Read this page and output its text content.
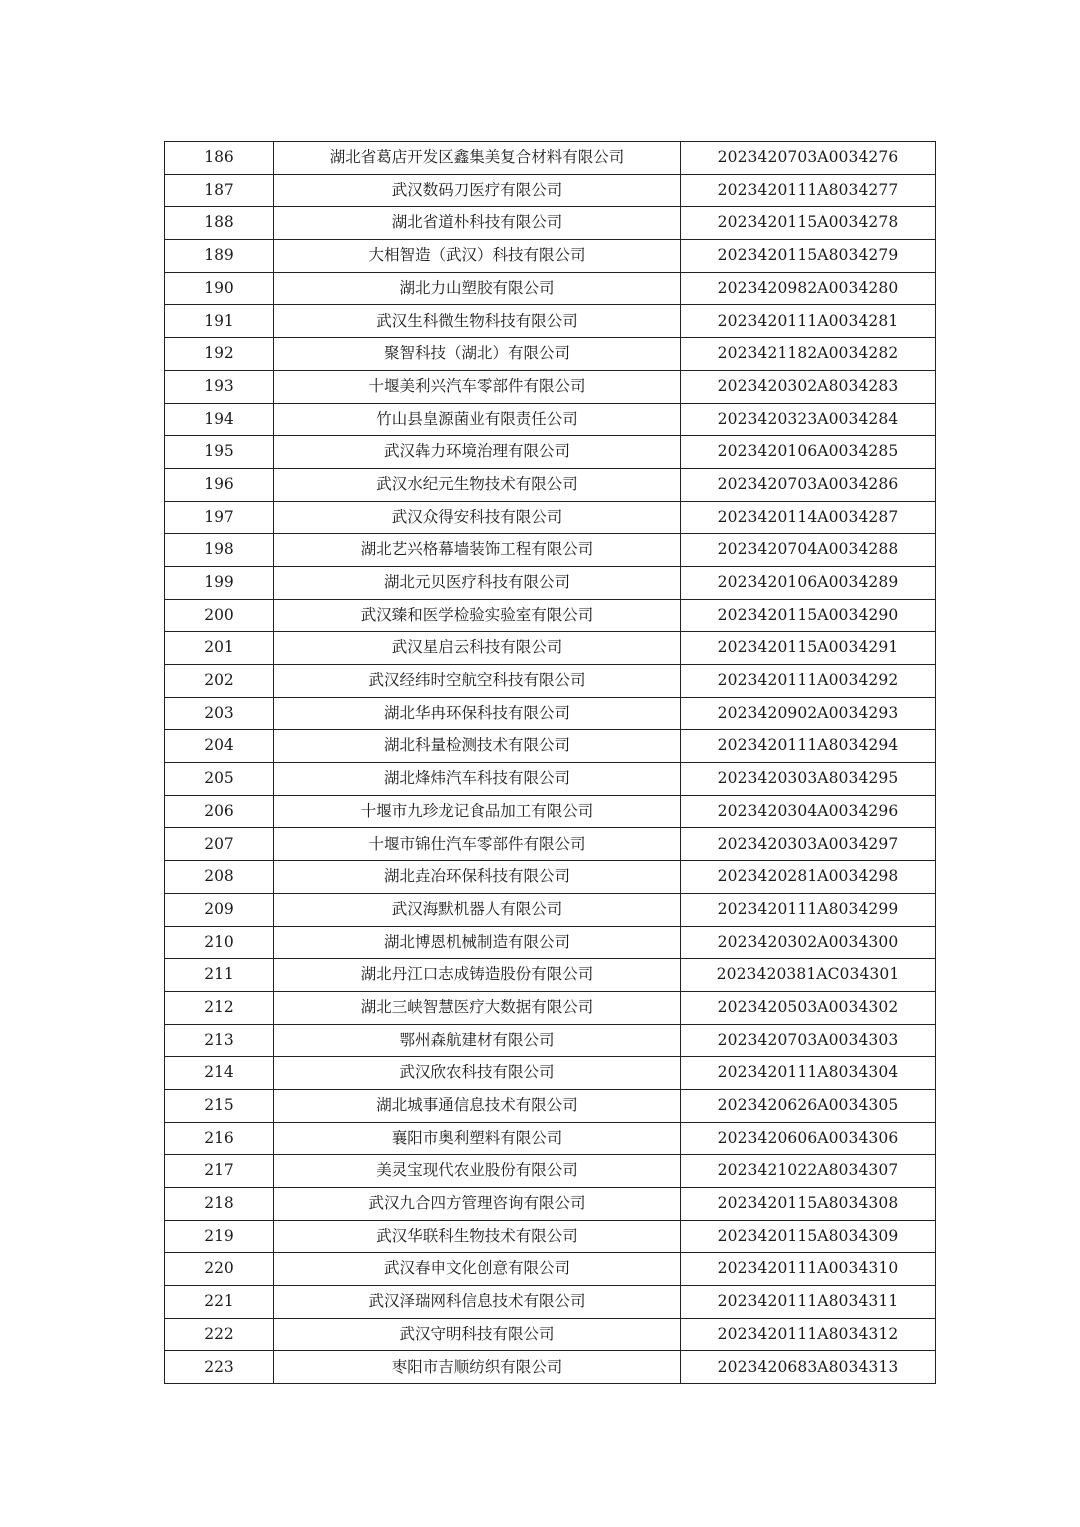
186	湖北省葛店开发区鑫集美复合材料有限公司	2023420703A0034276
187	武汉数码刀医疗有限公司	2023420111A8034277
188	湖北省道朴科技有限公司	2023420115A0034278
189	大相智造（武汉）科技有限公司	2023420115A8034279
190	湖北力山塑胶有限公司	2023420982A0034280
191	武汉生科微生物科技有限公司	2023420111A0034281
192	聚智科技（湖北）有限公司	2023421182A0034282
193	十堰美利兴汽车零部件有限公司	2023420302A8034283
194	竹山县皇源菌业有限责任公司	2023420323A0034284
195	武汉犇力环境治理有限公司	2023420106A0034285
196	武汉水纪元生物技术有限公司	2023420703A0034286
197	武汉众得安科技有限公司	2023420114A0034287
198	湖北艺兴格幕墙装饰工程有限公司	2023420704A0034288
199	湖北元贝医疗科技有限公司	2023420106A0034289
200	武汉臻和医学检验实验室有限公司	2023420115A0034290
201	武汉星启云科技有限公司	2023420115A0034291
202	武汉经纬时空航空科技有限公司	2023420111A0034292
203	湖北华冉环保科技有限公司	2023420902A0034293
204	湖北科量检测技术有限公司	2023420111A8034294
205	湖北烽炜汽车科技有限公司	2023420303A8034295
206	十堰市九珍龙记食品加工有限公司	2023420304A0034296
207	十堰市锦仕汽车零部件有限公司	2023420303A0034297
208	湖北垚冶环保科技有限公司	2023420281A0034298
209	武汉海默机器人有限公司	2023420111A8034299
210	湖北博恩机械制造有限公司	2023420302A0034300
211	湖北丹江口志成铸造股份有限公司	2023420381AC034301
212	湖北三峡智慧医疗大数据有限公司	2023420503A0034302
213	鄂州森航建材有限公司	2023420703A0034303
214	武汉欣农科技有限公司	2023420111A8034304
215	湖北城事通信息技术有限公司	2023420626A0034305
216	襄阳市奥利塑料有限公司	2023420606A0034306
217	美灵宝现代农业股份有限公司	2023421022A8034307
218	武汉九合四方管理咨询有限公司	2023420115A8034308
219	武汉华联科生物技术有限公司	2023420115A8034309
220	武汉春申文化创意有限公司	2023420111A0034310
221	武汉泽瑞网科信息技术有限公司	2023420111A8034311
222	武汉守明科技有限公司	2023420111A8034312
223	枣阳市吉顺纺织有限公司	2023420683A8034313
